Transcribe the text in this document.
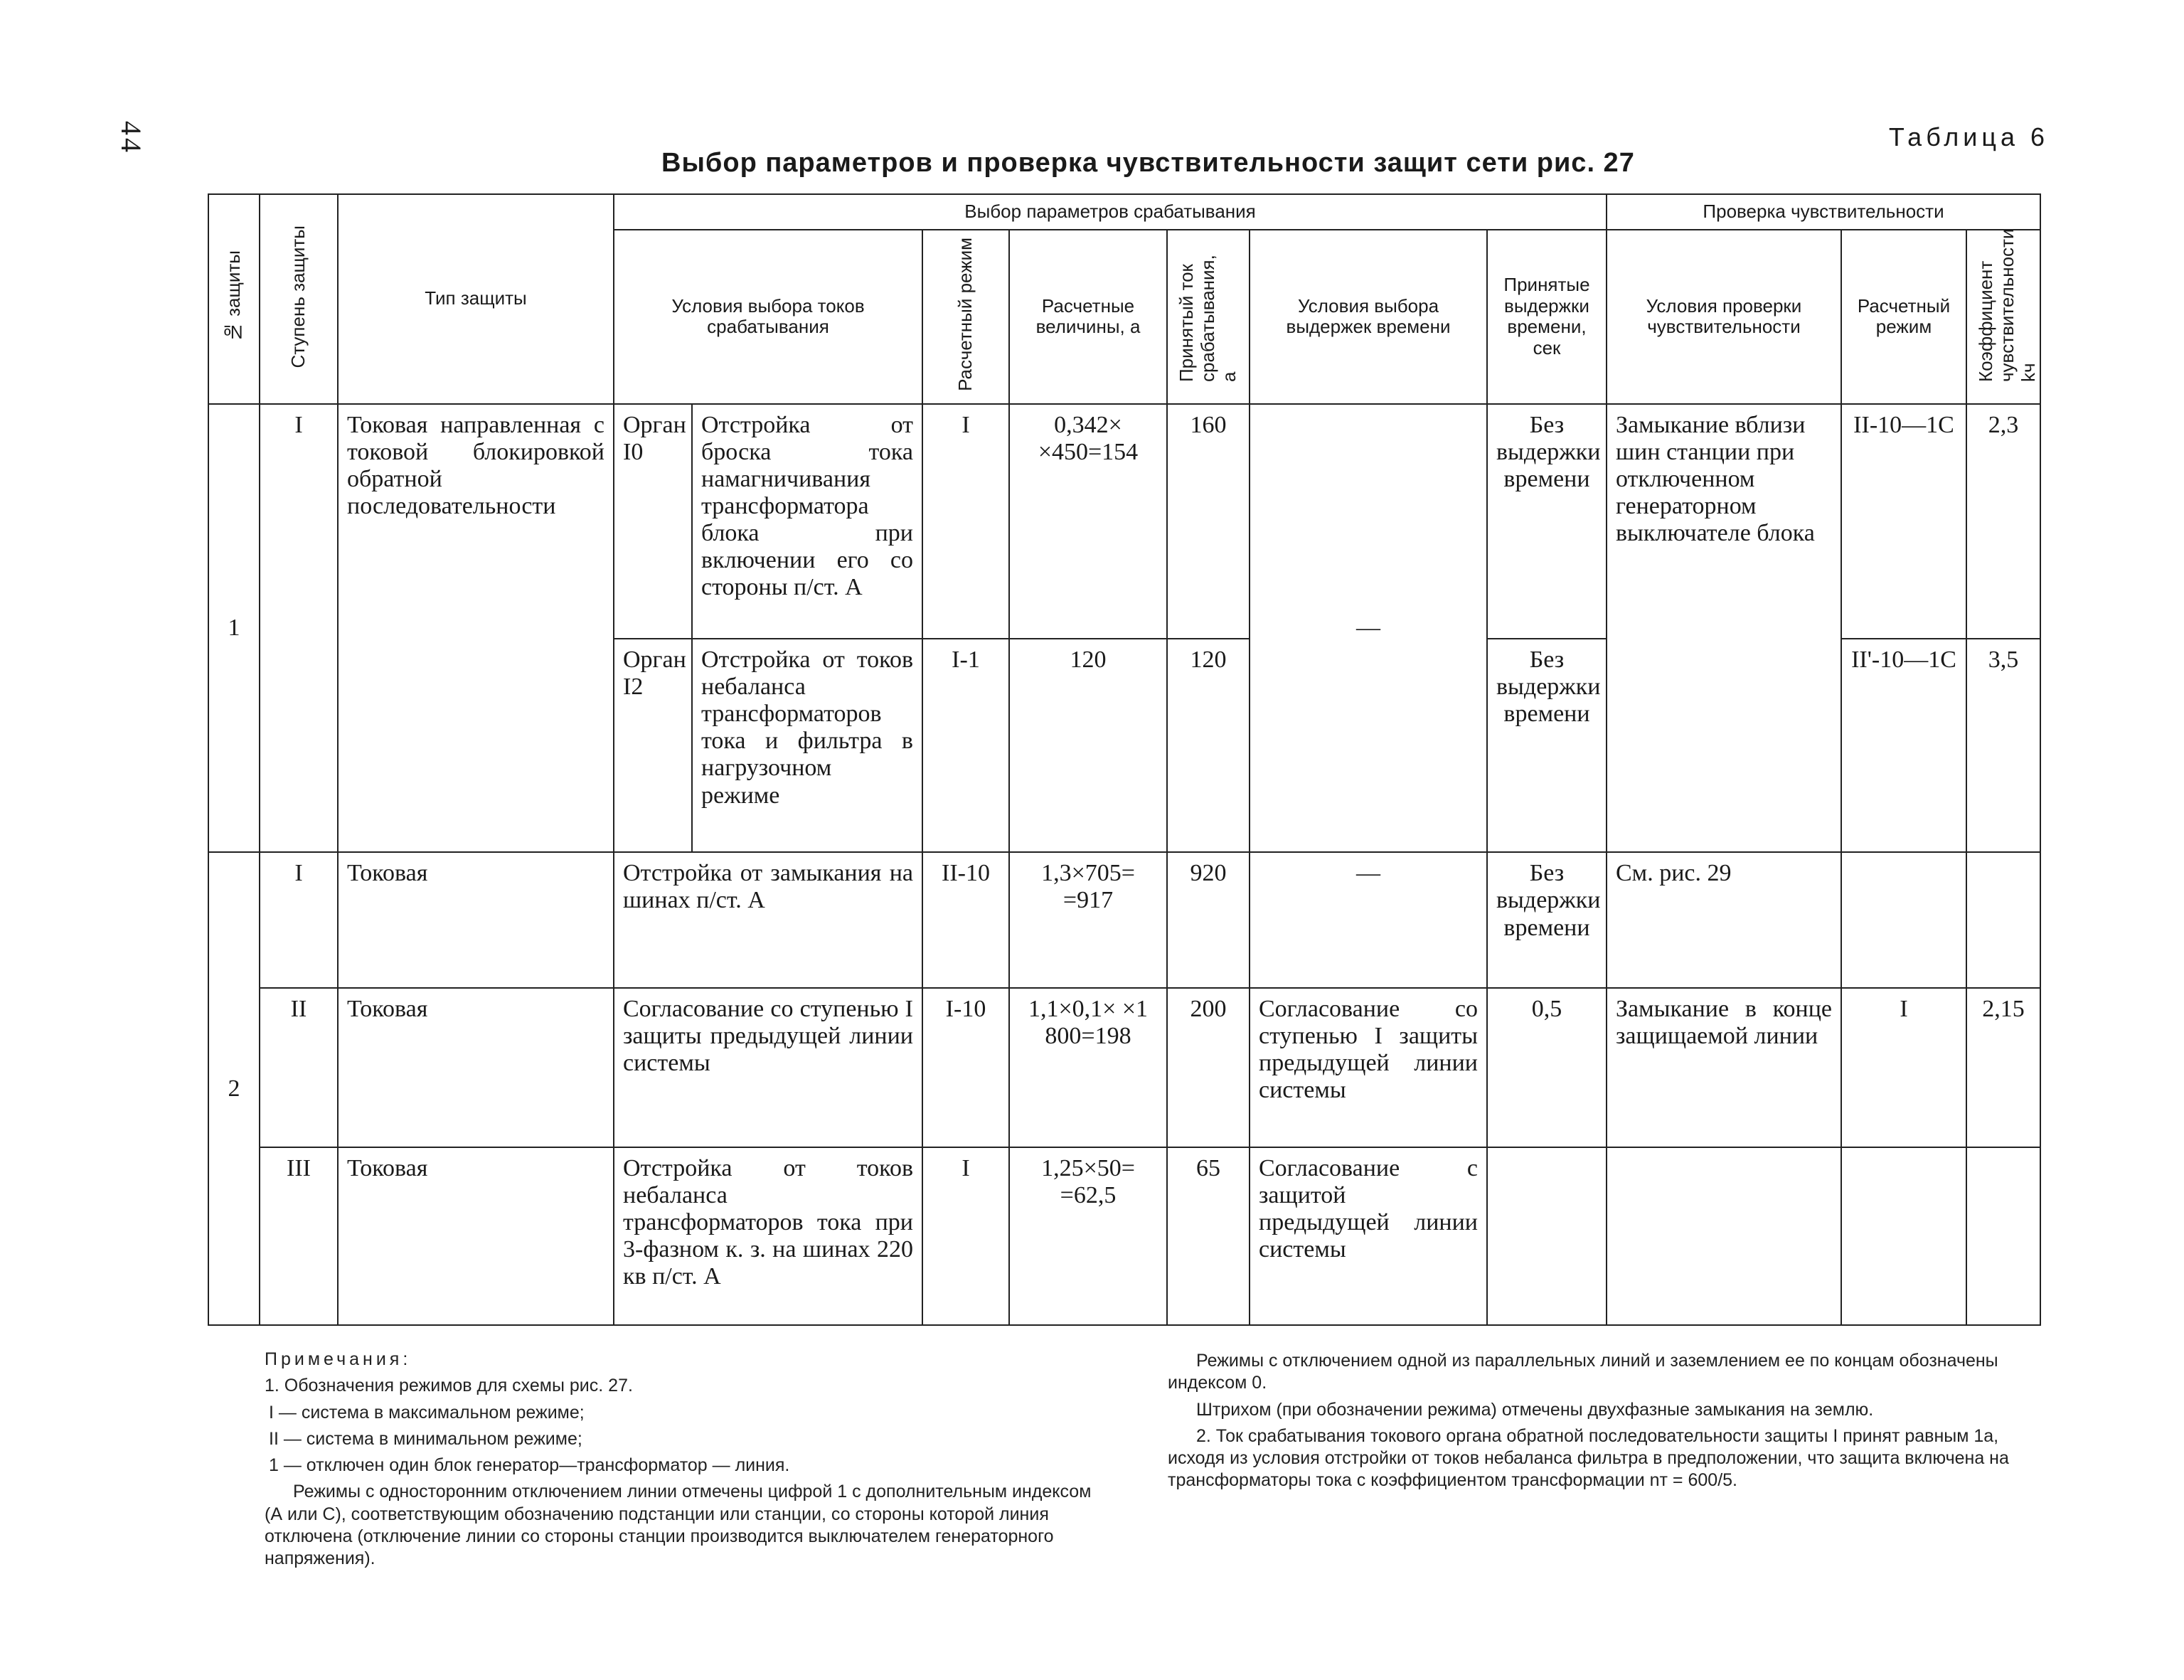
44	Таблица 6
Выбор параметров и проверка чувствительности защит сети рис. 27
№ защиты	Ступень защиты	Тип защиты	Выбор параметров срабатывания							Проверка чувствительности		
			Условия выбора токов срабатывания		Расчетный режим	Расчетные величины, а	Принятый ток срабатывания, а	Условия выбора выдержек времени	Принятые выдержки времени, сек	Условия проверки чувствительности	Расчетный режим	Коэффициент чувствительности kч
1	I	Токовая направленная с токовой блокировкой обратной последовательности	Орган I0	Отстройка от броска тока намагничивания трансформатора блока при включении его со стороны п/ст. А	I	0,342× ×450=154	160	—	Без выдержки времени	Замыкание вблизи шин станции при отключенном генераторном выключателе блока	II-10—1C	2,3
			Орган I2	Отстройка от токов небаланса трансформаторов тока и фильтра в нагрузочном режиме	I-1	120	120		Без выдержки времени		II'-10—1C	3,5
2	I	Токовая	Отстройка от замыкания на шинах п/ст. А		II-10	1,3×705= =917	920	—	Без выдержки времени	См. рис. 29		
	II	Токовая	Согласование со ступенью I защиты предыдущей линии системы		I-10	1,1×0,1× ×1 800=198	200	Согласование со ступенью I защиты предыдущей линии системы	0,5	Замыкание в конце защищаемой линии	I	2,15
	III	Токовая	Отстройка от токов небаланса трансформаторов тока при 3-фазном к. з. на шинах 220 кв п/ст. А		I	1,25×50= =62,5	65	Согласование с защитой предыдущей линии системы				

Примечания:

1. Обозначения режимов для схемы рис. 27.

I — система в максимальном режиме;

II — система в минимальном режиме;

1 — отключен один блок генератор—трансформатор — линия.

Режимы с односторонним отключением линии отмечены цифрой 1 с дополнительным индексом (А или С), соответствующим обозначению подстанции или станции, со стороны которой линия отключена (отключение линии со стороны станции производится выключателем генераторного напряжения).

Режимы с отключением одной из параллельных линий и заземлением ее по концам обозначены индексом 0.

Штрихом (при обозначении режима) отмечены двухфазные замыкания на землю.

2. Ток срабатывания токового органа обратной последовательности защиты I принят равным 1а, исходя из условия отстройки от токов небаланса фильтра в предположении, что защита включена на трансформаторы тока с коэффициентом трансформации nт = 600/5.
